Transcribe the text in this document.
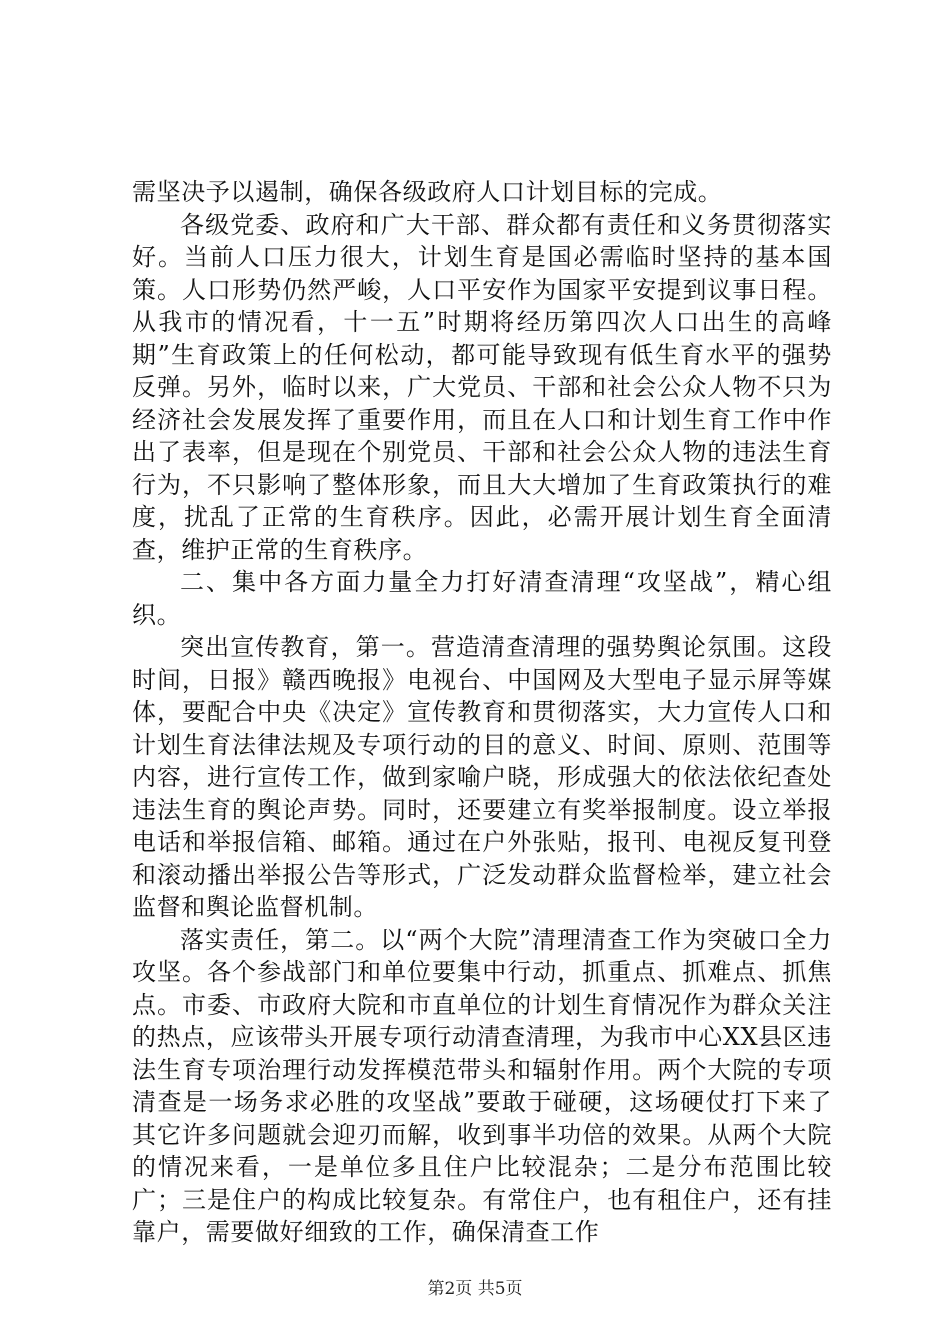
需坚决予以遏制，确保各级政府人口计划目标的完成。

各级党委、政府和广大干部、群众都有责任和义务贯彻落实好。当前人口压力很大，计划生育是国必需临时坚持的基本国策。人口形势仍然严峻，人口平安作为国家平安提到议事日程。从我市的情况看，十一五”时期将经历第四次人口出生的高峰期”生育政策上的任何松动，都可能导致现有低生育水平的强势反弹。另外，临时以来，广大党员、干部和社会公众人物不只为经济社会发展发挥了重要作用，而且在人口和计划生育工作中作出了表率，但是现在个别党员、干部和社会公众人物的违法生育行为，不只影响了整体形象，而且大大增加了生育政策执行的难度，扰乱了正常的生育秩序。因此，必需开展计划生育全面清查，维护正常的生育秩序。

二、集中各方面力量全力打好清查清理“攻坚战”，精心组织。

突出宣传教育，第一。营造清查清理的强势舆论氛围。这段时间，日报》赣西晚报》电视台、中国网及大型电子显示屏等媒体，要配合中央《决定》宣传教育和贯彻落实，大力宣传人口和计划生育法律法规及专项行动的目的意义、时间、原则、范围等内容，进行宣传工作，做到家喻户晓，形成强大的依法依纪查处违法生育的舆论声势。同时，还要建立有奖举报制度。设立举报电话和举报信箱、邮箱。通过在户外张贴，报刊、电视反复刊登和滚动播出举报公告等形式，广泛发动群众监督检举，建立社会监督和舆论监督机制。

落实责任，第二。以“两个大院”清理清查工作为突破口全力攻坚。各个参战部门和单位要集中行动，抓重点、抓难点、抓焦点。市委、市政府大院和市直单位的计划生育情况作为群众关注的热点，应该带头开展专项行动清查清理，为我市中心XX县区违法生育专项治理行动发挥模范带头和辐射作用。两个大院的专项清查是一场务求必胜的攻坚战”要敢于碰硬，这场硬仗打下来了其它许多问题就会迎刃而解，收到事半功倍的效果。从两个大院的情况来看，一是单位多且住户比较混杂；二是分布范围比较广；三是住户的构成比较复杂。有常住户，也有租住户，还有挂靠户，需要做好细致的工作，确保清查工作

第2页 共5页
